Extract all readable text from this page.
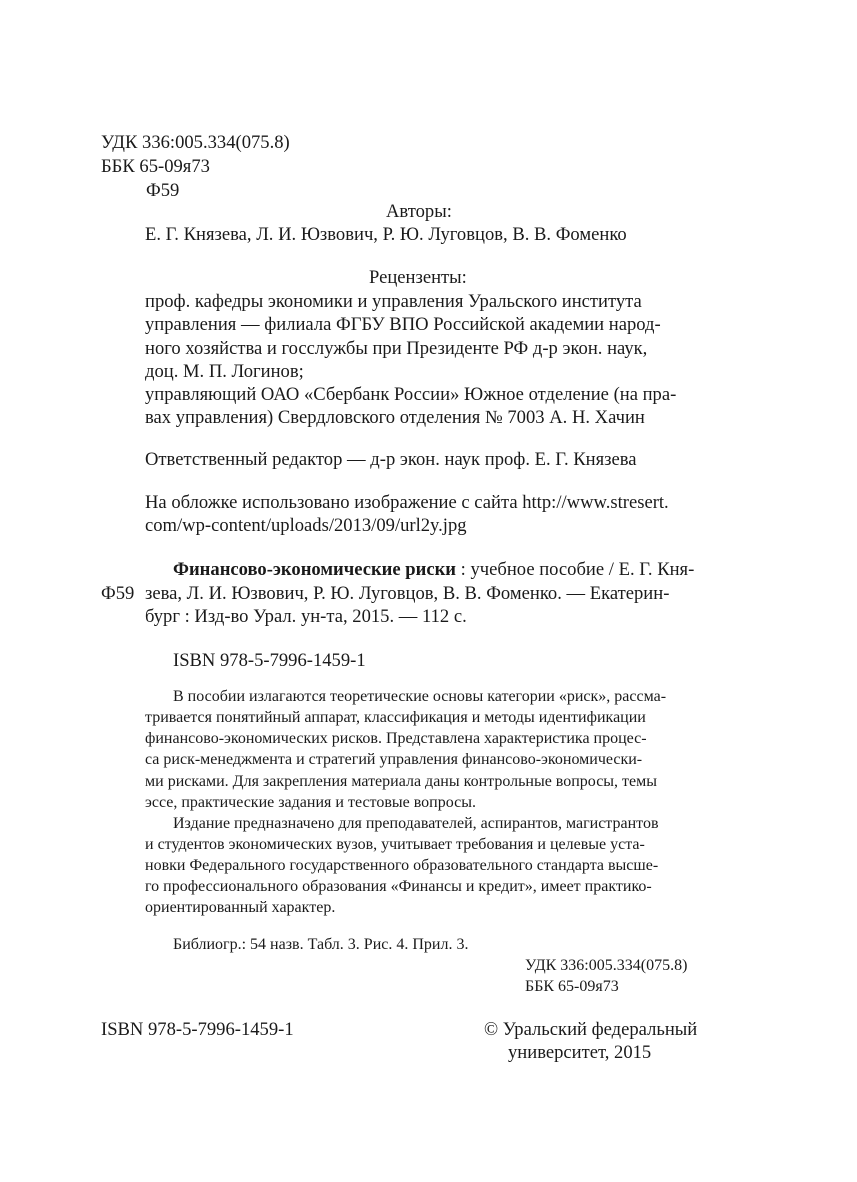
УДК 336:005.334(075.8)
ББК 65-09я73
Ф59
Авторы:
Е. Г. Князева, Л. И. Юзвович, Р. Ю. Луговцов, В. В. Фоменко
Рецензенты:
проф. кафедры экономики и управления Уральского института
управления — филиала ФГБУ ВПО Российской академии народ-
ного хозяйства и госслужбы при Президенте РФ д-р экон. наук,
доц. М. П. Логинов;
управляющий ОАО «Сбербанк России» Южное отделение (на пра-
вах управления) Свердловского отделения № 7003 А. Н. Хачин
Ответственный редактор — д-р экон. наук проф. Е. Г. Князева
На обложке использовано изображение с сайта http://www.stresert.
com/wp-content/uploads/2013/09/url2y.jpg
Финансово-экономические риски : учебное пособие / Е. Г. Кня-
Ф59 зева, Л. И. Юзвович, Р. Ю. Луговцов, В. В. Фоменко. — Екатерин-
бург : Изд-во Урал. ун-та, 2015. — 112 с.
ISBN 978-5-7996-1459-1
В пособии излагаются теоретические основы категории «риск», рассма-
тривается понятийный аппарат, классификация и методы идентификации
финансово-экономических рисков. Представлена характеристика процес-
са риск-менеджмента и стратегий управления финансово-экономически-
ми рисками. Для закрепления материала даны контрольные вопросы, темы
эссе, практические задания и тестовые вопросы.
Издание предназначено для преподавателей, аспирантов, магистрантов
и студентов экономических вузов, учитывает требования и целевые уста-
новки Федерального государственного образовательного стандарта высше-
го профессионального образования «Финансы и кредит», имеет практико-
ориентированный характер.
Библиогр.: 54 назв. Табл. 3. Рис. 4. Прил. 3.
УДК 336:005.334(075.8)
ББК 65-09я73
ISBN 978-5-7996-1459-1	© Уральский федеральный
университет, 2015
